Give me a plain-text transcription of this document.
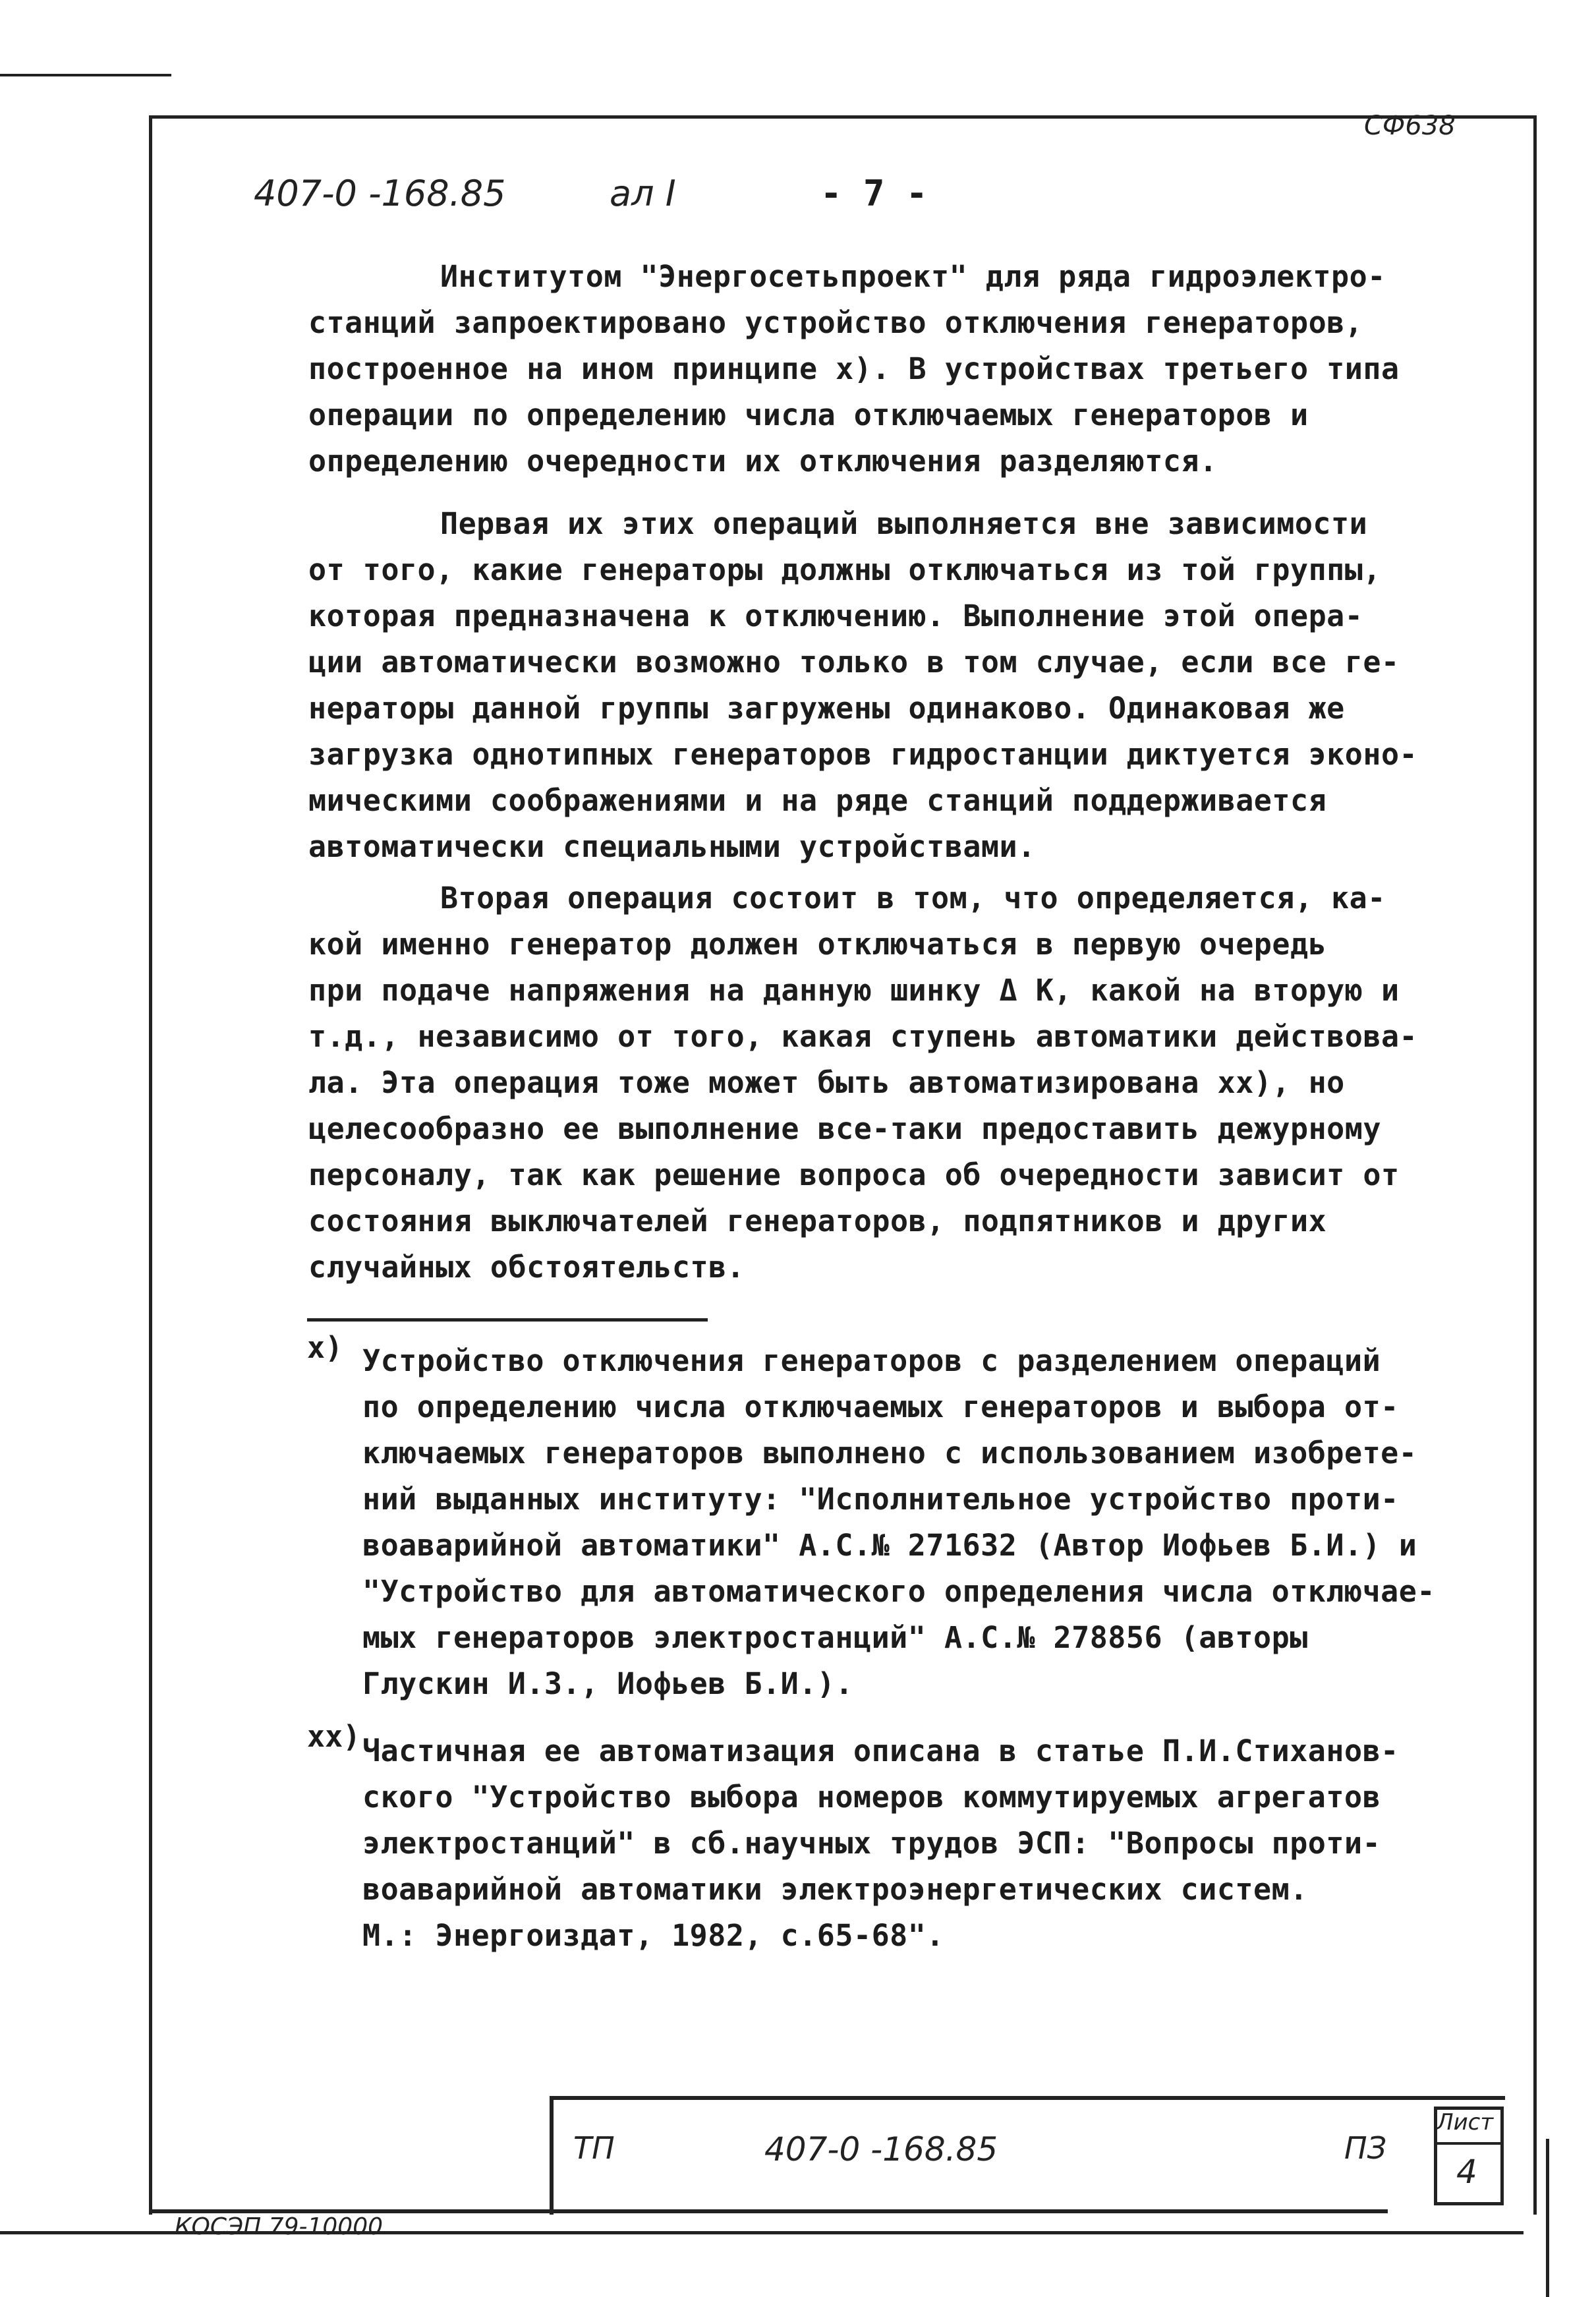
СФ638
407-0 -168.85	ал I	- 7 -
Институтом "Энергосетьпроект" для ряда гидроэлектро-
станций запроектировано устройство отключения генераторов,
построенное на ином принципе x). В устройствах третьего типа
операции по определению числа отключаемых генераторов и
определению очередности их отключения разделяются.
Первая их этих операций выполняется вне зависимости
от того, какие генераторы должны отключаться из той группы,
которая предназначена к отключению. Выполнение этой опера-
ции автоматически возможно только в том случае, если все ге-
нераторы данной группы загружены одинаково. Одинаковая же
загрузка однотипных генераторов гидростанции диктуется эконо-
мическими соображениями и на ряде станций поддерживается
автоматически специальными устройствами.
Вторая операция состоит в том, что определяется, ка-
кой именно генератор должен отключаться в первую очередь
при подаче напряжения на данную шинку Δ К, какой на вторую и
т.д., независимо от того, какая ступень автоматики действова-
ла. Эта операция тоже может быть автоматизирована xx), но
целесообразно ее выполнение все-таки предоставить дежурному
персоналу, так как решение вопроса об очередности зависит от
состояния выключателей генераторов, подпятников и других
случайных обстоятельств.
x) Устройство отключения генераторов с разделением операций
по определению числа отключаемых генераторов и выбора от-
ключаемых генераторов выполнено с использованием изобрете-
ний выданных институту: "Исполнительное устройство проти-
воаварийной автоматики" А.С.№ 271632 (Автор Иофьев Б.И.) и
"Устройство для автоматического определения числа отключае-
мых генераторов электростанций" А.С.№ 278856 (авторы
Глускин И.З., Иофьев Б.И.).
xx) Частичная ее автоматизация описана в статье П.И.Стиханов-
ского "Устройство выбора номеров коммутируемых агрегатов
электростанций" в сб.научных трудов ЭСП: "Вопросы проти-
воаварийной автоматики электроэнергетических систем.
М.: Энергоиздат, 1982, с.65-68".
ТП	407-0 -168.85	ПЗ
Лист
4
КОСЭП 79-10000
